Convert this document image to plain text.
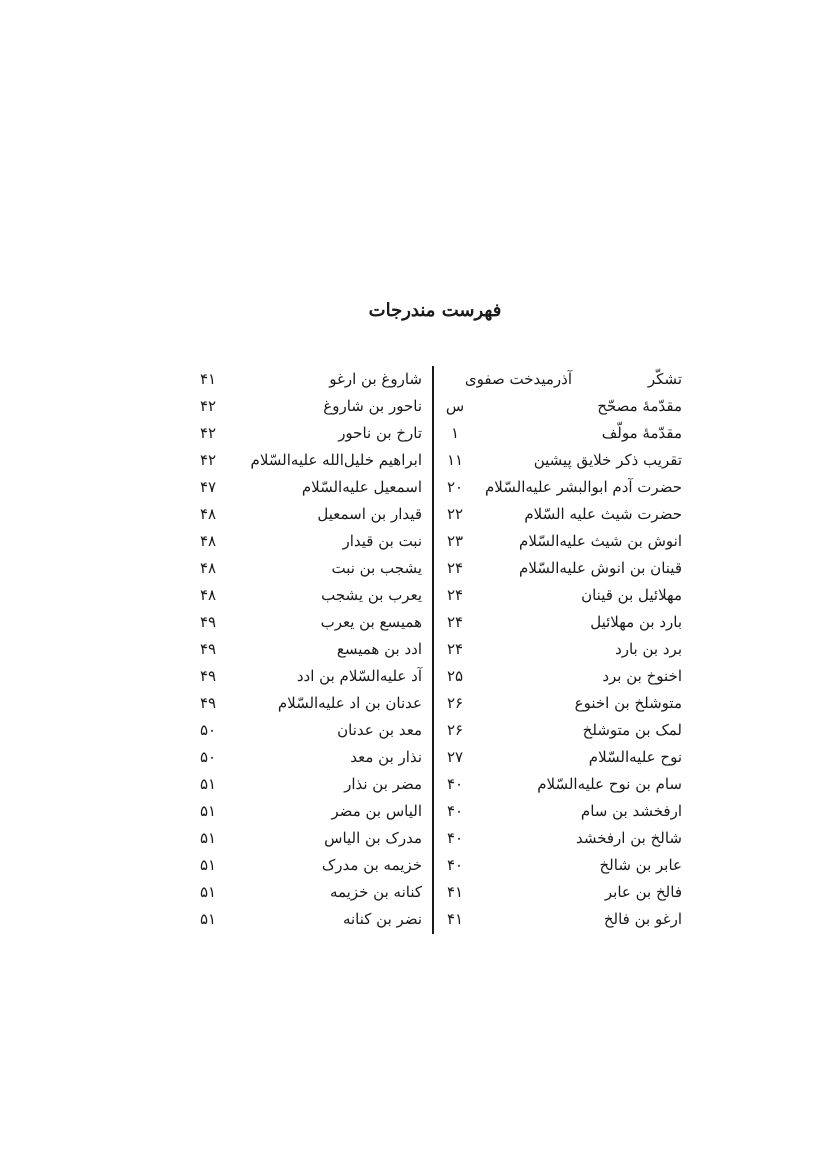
فهرست مندرجات
تشکّر
آذرمیدخت صفوی
مقدّمۀ مصحّح
س
مقدّمۀ مولّف
۱
تقریب ذکر خلایق پیشین
۱۱
حضرت آدم ابوالبشر علیه‌السّلام
۲۰
حضرت شیث علیه السّلام
۲۲
انوش بن شیث علیه‌السّلام
۲۳
قینان بن انوش علیه‌السّلام
۲۴
مهلائیل بن قینان
۲۴
بارد بن مهلائیل
۲۴
برد بن بارد
۲۴
اخنوخ بن برد
۲۵
متوشلخ بن اخنوع
۲۶
لمک بن متوشلخ
۲۶
نوح علیه‌السّلام
۲۷
سام بن نوح علیه‌السّلام
۴۰
ارفخشد بن سام
۴۰
شالخ بن ارفخشد
۴۰
عابر بن شالخ
۴۰
فالخ بن عابر
۴۱
ارغو بن فالخ
۴۱
شاروغ بن ارغو
۴۱
ناحور بن شاروغ
۴۲
تارخ بن ناحور
۴۲
ابراهیم خلیل‌الله علیه‌السّلام
۴۲
اسمعیل علیه‌السّلام
۴۷
قیدار بن اسمعیل
۴۸
نبت بن قیدار
۴۸
یشجب بن نبت
۴۸
یعرب بن یشجب
۴۸
همیسع بن یعرب
۴۹
ادد بن همیسع
۴۹
آد علیه‌السّلام بن ادد
۴۹
عدنان بن اد علیه‌السّلام
۴۹
معد بن عدنان
۵۰
نذار بن معد
۵۰
مضر بن نذار
۵۱
الیاس بن مضر
۵۱
مدرک بن الیاس
۵۱
خزیمه بن مدرک
۵۱
کنانه بن خزیمه
۵۱
نضر بن کنانه
۵۱
